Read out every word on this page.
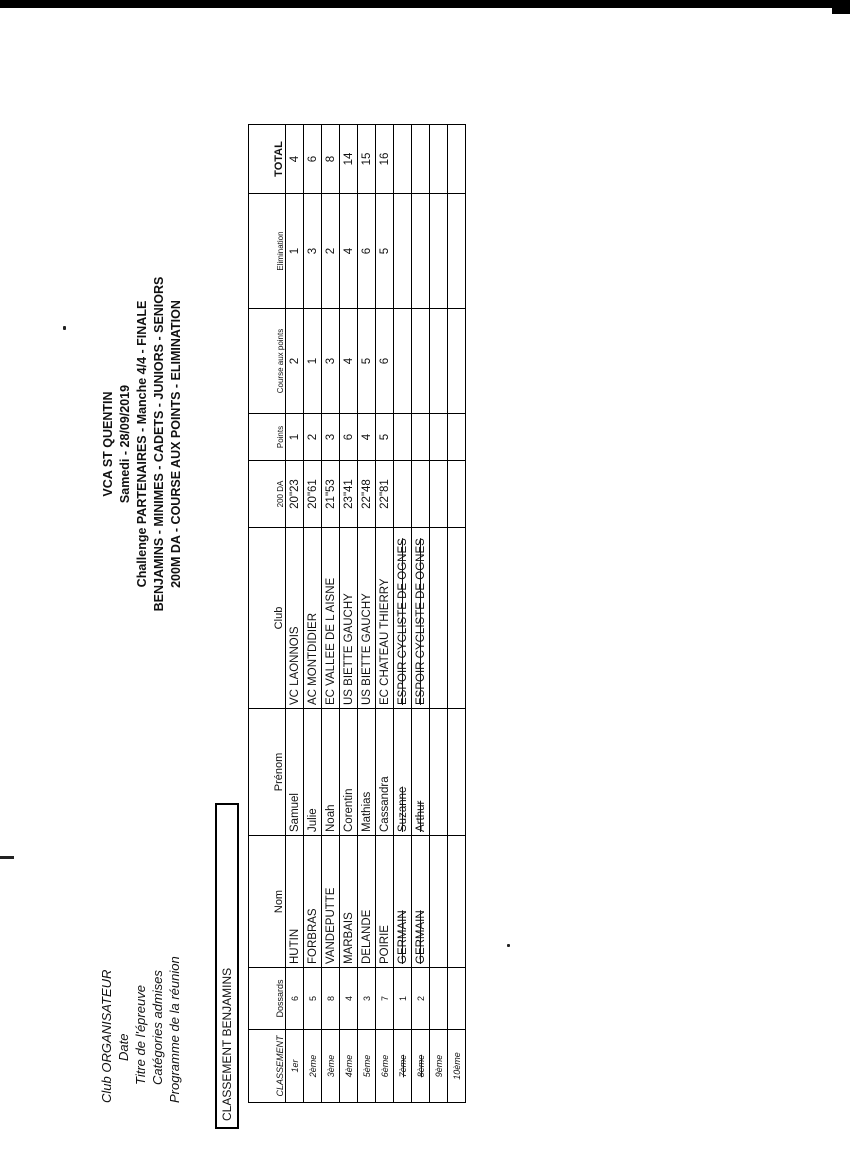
Club ORGANISATEUR Date Titre de l'épreuve Catégories admises Programme de la réunion
VCA ST QUENTIN Samedi - 28/09/2019 Challenge PARTENAIRES - Manche 4/4 - FINALE BENJAMINS - MINIMES - CADETS - JUNIORS - SENIORS 200M DA - COURSE AUX POINTS - ELIMINATION
CLASSEMENT BENJAMINS	CLASSEMENT	Dossards	Nom	Prénom	Club	200 DA	Points	Course aux points	Elimination	TOTAL
1er	6	HUTIN	Samuel	VC LAONNOIS	20"23	1	2	1	4
2ème	5	FORBRAS	Julie	AC MONTDIDIER	20"61	2	1	3	6
3ème	8	VANDEPUTTE	Noah	EC VALLEE DE L AISNE	21"53	3	3	2	8
4ème	4	MARBAIS	Corentin	US BIETTE GAUCHY	23"41	6	4	4	14
5ème	3	DELANDE	Mathias	US BIETTE GAUCHY	22"48	4	5	6	15
6ème	7	POIRIE	Cassandra	EC CHATEAU THIERRY	22"81	5	6	5	16
7ème	1	GERMAIN	Suzanne	ESPOIR CYCLISTE DE OGNES					
8ème	2	GERMAIN	Arthur	ESPOIR CYCLISTE DE OGNES					
9ème									
10ème									
